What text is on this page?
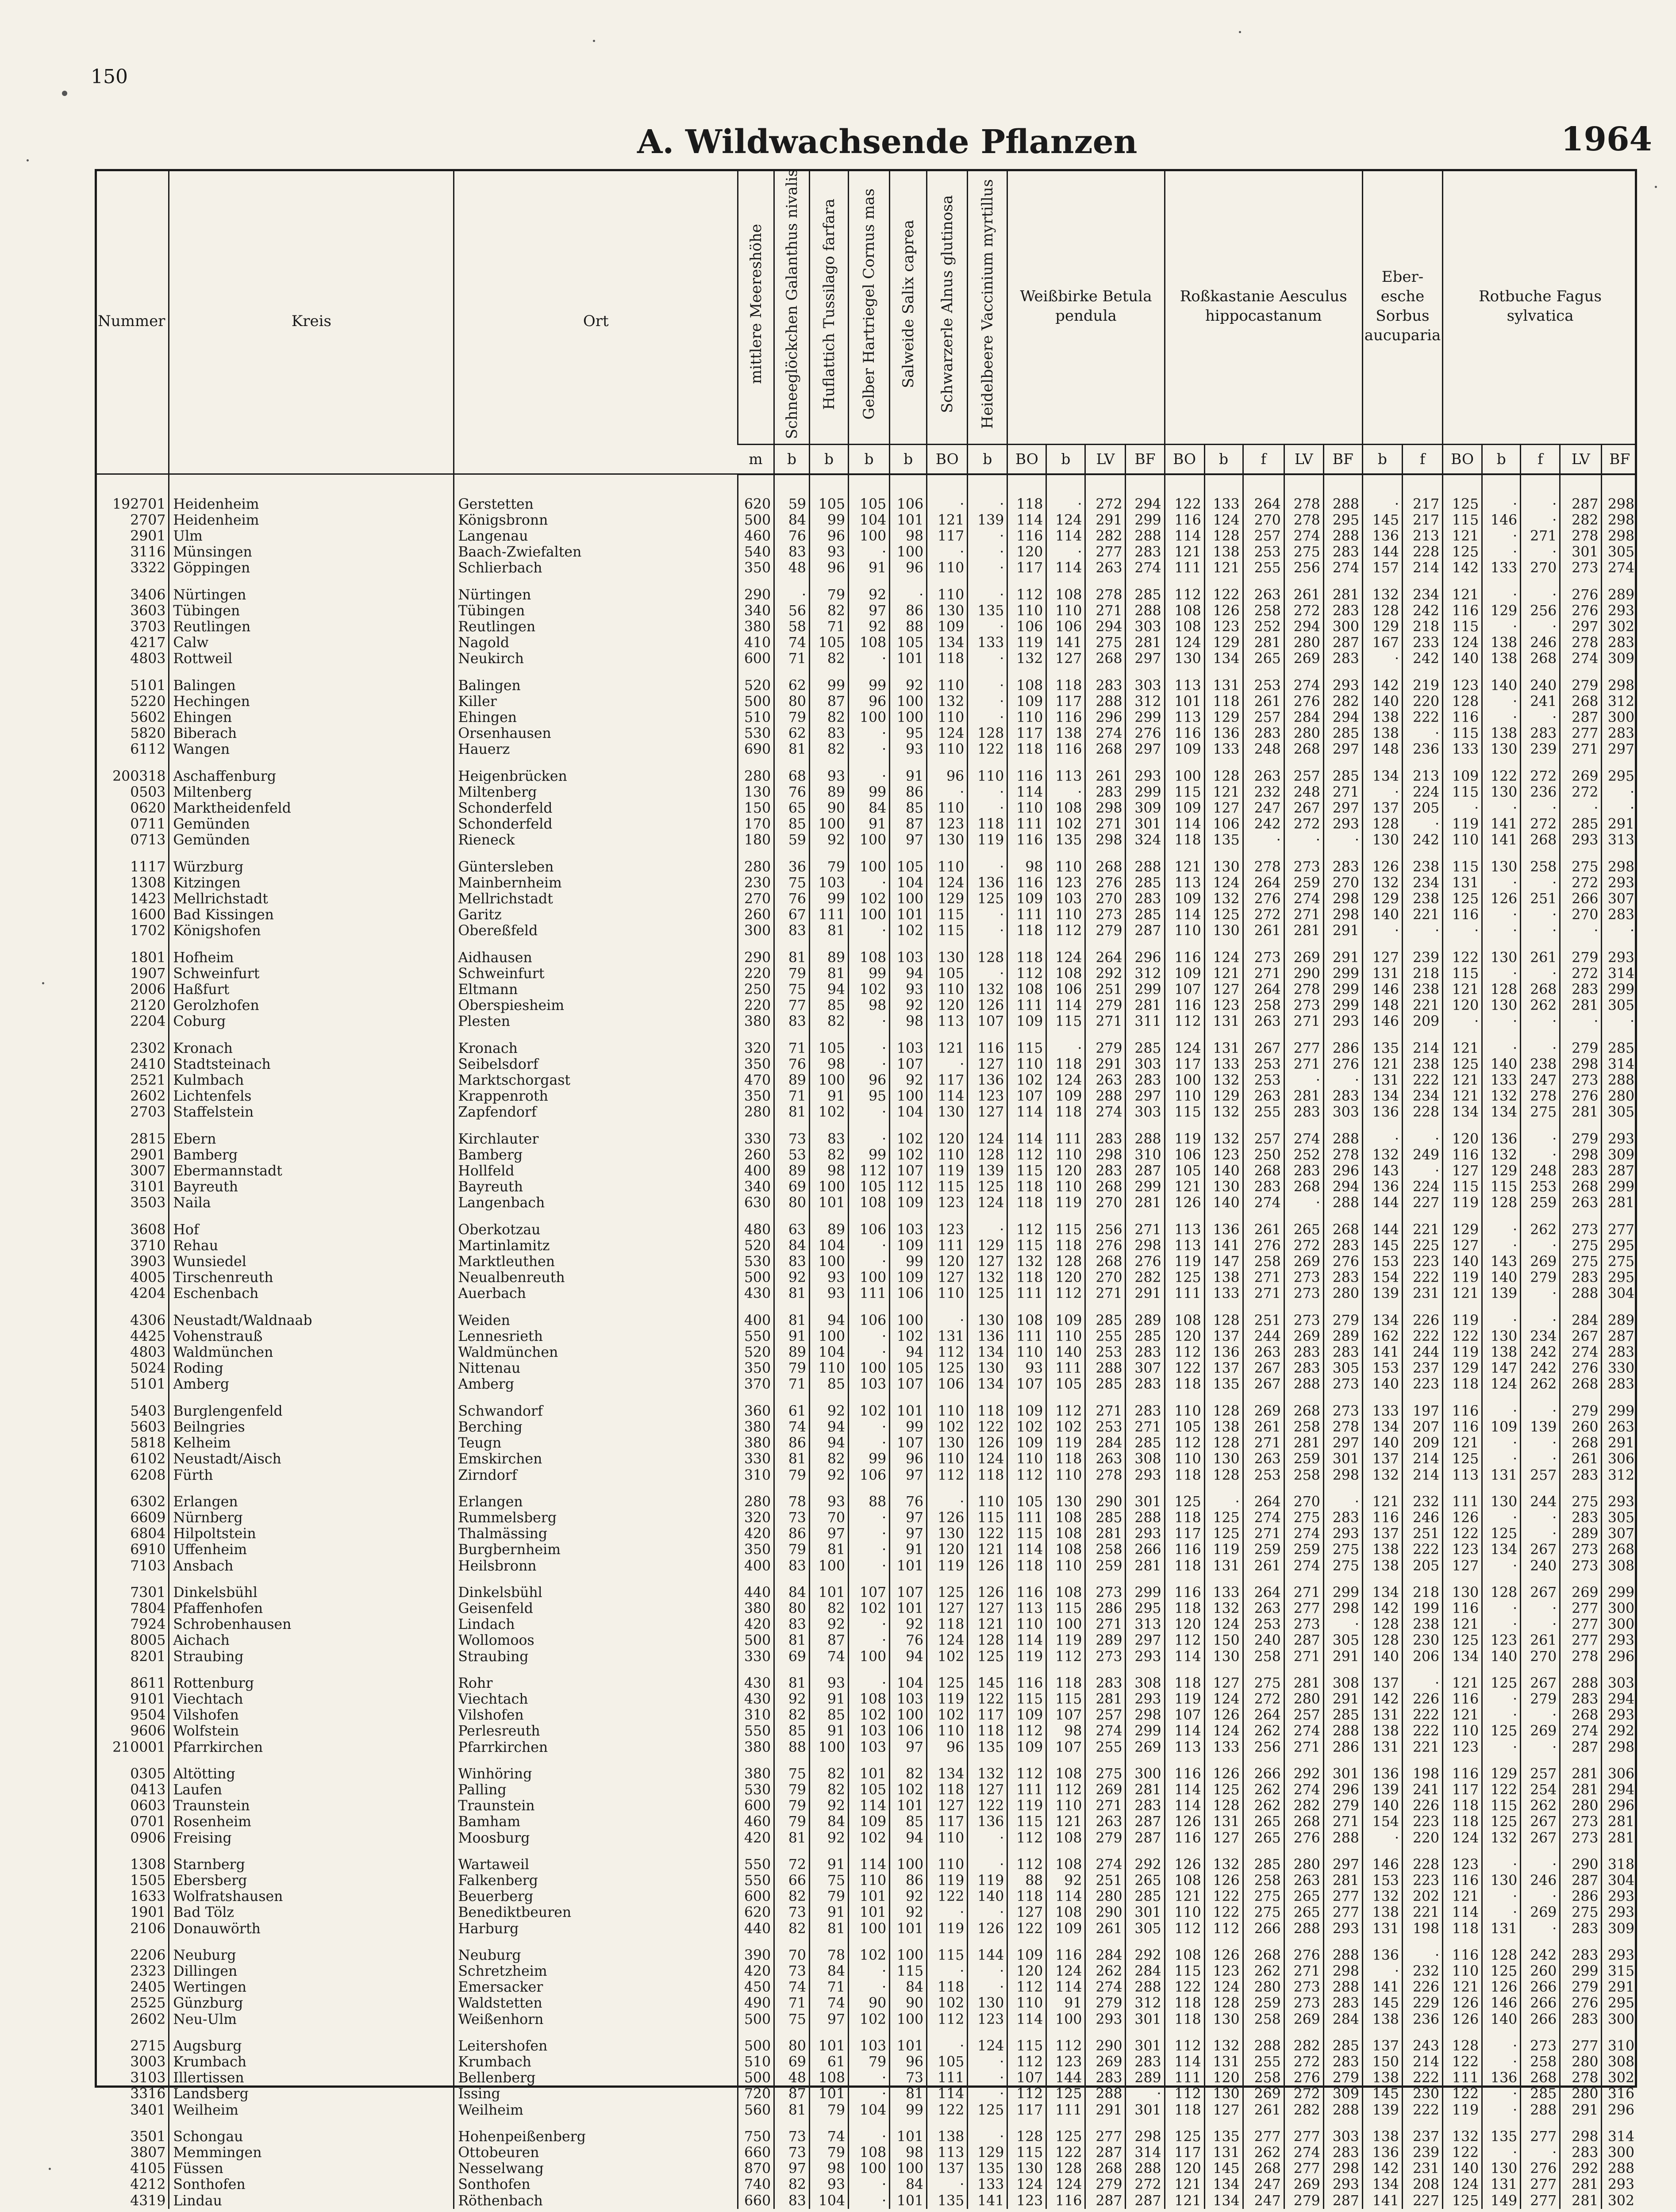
150
A. Wildwachsende Pflanzen	1964
Nummer	Kreis	Ort	mittlere Meereshöhe	Schneeglöckchen Galanthus nivalis	Huflattich Tussilago farfara	Gelber Hartriegel Cornus mas	Salweide Salix caprea	Schwarzerle Alnus glutinosa	Heidelbeere Vaccinium myrtillus	Weißbirke Betula pendula				Roßkastanie Aesculus hippocastanum					Eber- esche Sorbus aucuparia		Rotbuche Fagus sylvatica				

			m	b	b	b	b	BO	b	BO	b	LV	BF	BO	b	f	LV	BF	b	f	BO	b	f	LV	BF

192701	Heidenheim	Gerstetten	620	59	105	105	106	·	·	118	·	272	294	122	133	264	278	288	·	217	125	·	·	287	298
2707	Heidenheim	Königsbronn	500	84	99	104	101	121	139	114	124	291	299	116	124	270	278	295	145	217	115	146	·	282	298
2901	Ulm	Langenau	460	76	96	100	98	117	·	116	114	282	288	114	128	257	274	288	136	213	121	·	271	278	298
3116	Münsingen	Baach-Zwiefalten	540	83	93	·	100	·	·	120	·	277	283	121	138	253	275	283	144	228	125	·	·	301	305
3322	Göppingen	Schlierbach	350	48	96	91	96	110	·	117	114	263	274	111	121	255	256	274	157	214	142	133	270	273	274

3406	Nürtingen	Nürtingen	290	·	79	92	·	110	·	112	108	278	285	112	122	263	261	281	132	234	121	·	·	276	289
3603	Tübingen	Tübingen	340	56	82	97	86	130	135	110	110	271	288	108	126	258	272	283	128	242	116	129	256	276	293
3703	Reutlingen	Reutlingen	380	58	71	92	88	109	·	106	106	294	303	108	123	252	294	300	129	218	115	·	·	297	302
4217	Calw	Nagold	410	74	105	108	105	134	133	119	141	275	281	124	129	281	280	287	167	233	124	138	246	278	283
4803	Rottweil	Neukirch	600	71	82	·	101	118	·	132	127	268	297	130	134	265	269	283	·	242	140	138	268	274	309

5101	Balingen	Balingen	520	62	99	99	92	110	·	108	118	283	303	113	131	253	274	293	142	219	123	140	240	279	298
5220	Hechingen	Killer	500	80	87	96	100	132	·	109	117	288	312	101	118	261	276	282	140	220	128	·	241	268	312
5602	Ehingen	Ehingen	510	79	82	100	100	110	·	110	116	296	299	113	129	257	284	294	138	222	116	·	·	287	300
5820	Biberach	Orsenhausen	530	62	83	·	95	124	128	117	138	274	276	116	136	283	280	285	138	·	115	138	283	277	283
6112	Wangen	Hauerz	690	81	82	·	93	110	122	118	116	268	297	109	133	248	268	297	148	236	133	130	239	271	297

200318	Aschaffenburg	Heigenbrücken	280	68	93	·	91	96	110	116	113	261	293	100	128	263	257	285	134	213	109	122	272	269	295
0503	Miltenberg	Miltenberg	130	76	89	99	86	·	·	114	·	283	299	115	121	232	248	271	·	224	115	130	236	272	·
0620	Marktheidenfeld	Schonderfeld	150	65	90	84	85	110	·	110	108	298	309	109	127	247	267	297	137	205	·	·	·	·	·
0711	Gemünden	Schonderfeld	170	85	100	91	87	123	118	111	102	271	301	114	106	242	272	293	128	·	119	141	272	285	291
0713	Gemünden	Rieneck	180	59	92	100	97	130	119	116	135	298	324	118	135	·	·	·	130	242	110	141	268	293	313

1117	Würzburg	Güntersleben	280	36	79	100	105	110	·	98	110	268	288	121	130	278	273	283	126	238	115	130	258	275	298
1308	Kitzingen	Mainbernheim	230	75	103	·	104	124	136	116	123	276	285	113	124	264	259	270	132	234	131	·	·	272	293
1423	Mellrichstadt	Mellrichstadt	270	76	99	102	100	129	125	109	103	270	283	109	132	276	274	298	129	238	125	126	251	266	307
1600	Bad Kissingen	Garitz	260	67	111	100	101	115	·	111	110	273	285	114	125	272	271	298	140	221	116	·	·	270	283
1702	Königshofen	Obereßfeld	300	83	81	·	102	115	·	118	112	279	287	110	130	261	281	291	·	·	·	·	·	·	·

1801	Hofheim	Aidhausen	290	81	89	108	103	130	128	118	124	264	296	116	124	273	269	291	127	239	122	130	261	279	293
1907	Schweinfurt	Schweinfurt	220	79	81	99	94	105	·	112	108	292	312	109	121	271	290	299	131	218	115	·	·	272	314
2006	Haßfurt	Eltmann	250	75	94	102	93	110	132	108	106	251	299	107	127	264	278	299	146	238	121	128	268	283	299
2120	Gerolzhofen	Oberspiesheim	220	77	85	98	92	120	126	111	114	279	281	116	123	258	273	299	148	221	120	130	262	281	305
2204	Coburg	Plesten	380	83	82	·	98	113	107	109	115	271	311	112	131	263	271	293	146	209	·	·	·	·	·

2302	Kronach	Kronach	320	71	105	·	103	121	116	115	·	279	285	124	131	267	277	286	135	214	121	·	·	279	285
2410	Stadtsteinach	Seibelsdorf	350	76	98	·	107	·	127	110	118	291	303	117	133	253	271	276	121	238	125	140	238	298	314
2521	Kulmbach	Marktschorgast	470	89	100	96	92	117	136	102	124	263	283	100	132	253	·	·	131	222	121	133	247	273	288
2602	Lichtenfels	Krappenroth	350	71	91	95	100	114	123	107	109	288	297	110	129	263	281	283	134	234	121	132	278	276	280
2703	Staffelstein	Zapfendorf	280	81	102	·	104	130	127	114	118	274	303	115	132	255	283	303	136	228	134	134	275	281	305

2815	Ebern	Kirchlauter	330	73	83	·	102	120	124	114	111	283	288	119	132	257	274	288	·	·	120	136	·	279	293
2901	Bamberg	Bamberg	260	53	82	99	102	110	128	112	110	298	310	106	123	250	252	278	132	249	116	132	·	298	309
3007	Ebermannstadt	Hollfeld	400	89	98	112	107	119	139	115	120	283	287	105	140	268	283	296	143	·	127	129	248	283	287
3101	Bayreuth	Bayreuth	340	69	100	105	112	115	125	118	110	268	299	121	130	283	268	294	136	224	115	115	253	268	299
3503	Naila	Langenbach	630	80	101	108	109	123	124	118	119	270	281	126	140	274	·	288	144	227	119	128	259	263	281

3608	Hof	Oberkotzau	480	63	89	106	103	123	·	112	115	256	271	113	136	261	265	268	144	221	129	·	262	273	277
3710	Rehau	Martinlamitz	520	84	104	·	109	111	129	115	118	276	298	113	141	276	272	283	145	225	127	·	·	275	295
3903	Wunsiedel	Marktleuthen	530	83	100	·	99	120	127	132	128	268	276	119	147	258	269	276	153	223	140	143	269	275	275
4005	Tirschenreuth	Neualbenreuth	500	92	93	100	109	127	132	118	120	270	282	125	138	271	273	283	154	222	119	140	279	283	295
4204	Eschenbach	Auerbach	430	81	93	111	106	110	125	111	112	271	291	111	133	271	273	280	139	231	121	139	·	288	304

4306	Neustadt/Waldnaab	Weiden	400	81	94	106	100	·	130	108	109	285	289	108	128	251	273	279	134	226	119	·	·	284	289
4425	Vohenstrauß	Lennesrieth	550	91	100	·	102	131	136	111	110	255	285	120	137	244	269	289	162	222	122	130	234	267	287
4803	Waldmünchen	Waldmünchen	520	89	104	·	94	112	134	110	140	253	283	112	136	263	283	283	141	244	119	138	242	274	283
5024	Roding	Nittenau	350	79	110	100	105	125	130	93	111	288	307	122	137	267	283	305	153	237	129	147	242	276	330
5101	Amberg	Amberg	370	71	85	103	107	106	134	107	105	285	283	118	135	267	288	273	140	223	118	124	262	268	283

5403	Burglengenfeld	Schwandorf	360	61	92	102	101	110	118	109	112	271	283	110	128	269	268	273	133	197	116	·	·	279	299
5603	Beilngries	Berching	380	74	94	·	99	102	122	102	102	253	271	105	138	261	258	278	134	207	116	109	139	260	263
5818	Kelheim	Teugn	380	86	94	·	107	130	126	109	119	284	285	112	128	271	281	297	140	209	121	·	·	268	291
6102	Neustadt/Aisch	Emskirchen	330	81	82	99	96	110	124	110	118	263	308	110	130	263	259	301	137	214	125	·	·	261	306
6208	Fürth	Zirndorf	310	79	92	106	97	112	118	112	110	278	293	118	128	253	258	298	132	214	113	131	257	283	312

6302	Erlangen	Erlangen	280	78	93	88	76	·	110	105	130	290	301	125	·	264	270	·	121	232	111	130	244	275	293
6609	Nürnberg	Rummelsberg	320	73	70	·	97	126	115	111	108	285	288	118	125	274	275	283	116	246	126	·	·	283	305
6804	Hilpoltstein	Thalmässing	420	86	97	·	97	130	122	115	108	281	293	117	125	271	274	293	137	251	122	125	·	289	307
6910	Uffenheim	Burgbernheim	350	79	81	·	91	120	121	114	108	258	266	116	119	259	259	275	138	222	123	134	267	273	268
7103	Ansbach	Heilsbronn	400	83	100	·	101	119	126	118	110	259	281	118	131	261	274	275	138	205	127	·	240	273	308

7301	Dinkelsbühl	Dinkelsbühl	440	84	101	107	107	125	126	116	108	273	299	116	133	264	271	299	134	218	130	128	267	269	299
7804	Pfaffenhofen	Geisenfeld	380	80	82	102	101	127	127	113	115	286	295	118	132	263	277	298	142	199	116	·	·	277	300
7924	Schrobenhausen	Lindach	420	83	92	·	92	118	121	110	100	271	313	120	124	253	273	·	128	238	121	·	·	277	300
8005	Aichach	Wollomoos	500	81	87	·	76	124	128	114	119	289	297	112	150	240	287	305	128	230	125	123	261	277	293
8201	Straubing	Straubing	330	69	74	100	94	102	125	119	112	273	293	114	130	258	271	291	140	206	134	140	270	278	296

8611	Rottenburg	Rohr	430	81	93	·	104	125	145	116	118	283	308	118	127	275	281	308	137	·	121	125	267	288	303
9101	Viechtach	Viechtach	430	92	91	108	103	119	122	115	115	281	293	119	124	272	280	291	142	226	116	·	279	283	294
9504	Vilshofen	Vilshofen	310	82	85	102	100	102	117	109	107	257	298	107	126	264	257	285	131	222	121	·	·	268	293
9606	Wolfstein	Perlesreuth	550	85	91	103	106	110	118	112	98	274	299	114	124	262	274	288	138	222	110	125	269	274	292
210001	Pfarrkirchen	Pfarrkirchen	380	88	100	103	97	96	135	109	107	255	269	113	133	256	271	286	131	221	123	·	·	287	298

0305	Altötting	Winhöring	380	75	82	101	82	134	132	112	108	275	300	116	126	266	292	301	136	198	116	129	257	281	306
0413	Laufen	Palling	530	79	82	105	102	118	127	111	112	269	281	114	125	262	274	296	139	241	117	122	254	281	294
0603	Traunstein	Traunstein	600	79	92	114	101	127	122	119	110	271	283	114	128	262	282	279	140	226	118	115	262	280	296
0701	Rosenheim	Bamham	460	79	84	109	85	117	136	115	121	263	287	126	131	265	268	271	154	223	118	125	267	273	281
0906	Freising	Moosburg	420	81	92	102	94	110	·	112	108	279	287	116	127	265	276	288	·	220	124	132	267	273	281

1308	Starnberg	Wartaweil	550	72	91	114	100	110	·	112	108	274	292	126	132	285	280	297	146	228	123	·	·	290	318
1505	Ebersberg	Falkenberg	550	66	75	110	86	119	119	88	92	251	265	108	126	258	263	281	153	223	116	130	246	287	304
1633	Wolfratshausen	Beuerberg	600	82	79	101	92	122	140	118	114	280	285	121	122	275	265	277	132	202	121	·	·	286	293
1901	Bad Tölz	Benediktbeuren	620	73	91	101	92	·	·	127	108	290	301	110	122	275	265	277	138	221	114	·	269	275	293
2106	Donauwörth	Harburg	440	82	81	100	101	119	126	122	109	261	305	112	112	266	288	293	131	198	118	131	·	283	309

2206	Neuburg	Neuburg	390	70	78	102	100	115	144	109	116	284	292	108	126	268	276	288	136	·	116	128	242	283	293
2323	Dillingen	Schretzheim	420	73	84	·	115	·	·	120	124	262	284	115	123	262	271	298	·	232	110	125	260	299	315
2405	Wertingen	Emersacker	450	74	71	·	84	118	·	112	114	274	288	122	124	280	273	288	141	226	121	126	266	279	291
2525	Günzburg	Waldstetten	490	71	74	90	90	102	130	110	91	279	312	118	128	259	273	283	145	229	126	146	266	276	295
2602	Neu-Ulm	Weißenhorn	500	75	97	102	100	112	123	114	100	293	301	118	130	258	269	284	138	236	126	140	266	283	300

2715	Augsburg	Leitershofen	500	80	101	103	101	·	124	115	112	290	301	112	132	288	282	285	137	243	128	·	273	277	310
3003	Krumbach	Krumbach	510	69	61	79	96	105	·	112	123	269	283	114	131	255	272	283	150	214	122	·	258	280	308
3103	Illertissen	Bellenberg	500	48	108	·	73	111	·	107	144	283	289	111	120	258	276	279	138	222	111	136	268	278	302
3316	Landsberg	Issing	720	87	101	·	81	114	·	112	125	288	·	112	130	269	272	309	145	230	122	·	285	280	316
3401	Weilheim	Weilheim	560	81	79	104	99	122	125	117	111	291	301	118	127	261	282	288	139	222	119	·	288	291	296

3501	Schongau	Hohenpeißenberg	750	73	74	·	101	138	·	128	125	277	298	125	135	277	277	303	138	237	132	135	277	298	314
3807	Memmingen	Ottobeuren	660	73	79	108	98	113	129	115	122	287	314	117	131	262	274	283	136	239	122	·	·	283	300
4105	Füssen	Nesselwang	870	97	98	100	100	137	135	130	128	268	288	120	145	268	277	298	142	231	140	130	276	292	288
4212	Sonthofen	Sonthofen	740	82	93	·	84	·	133	124	124	279	272	121	134	247	269	293	134	208	124	131	277	281	293
4319	Lindau	Röthenbach	660	83	104	·	101	135	141	123	116	287	287	121	134	247	279	287	141	227	125	149	277	281	302
